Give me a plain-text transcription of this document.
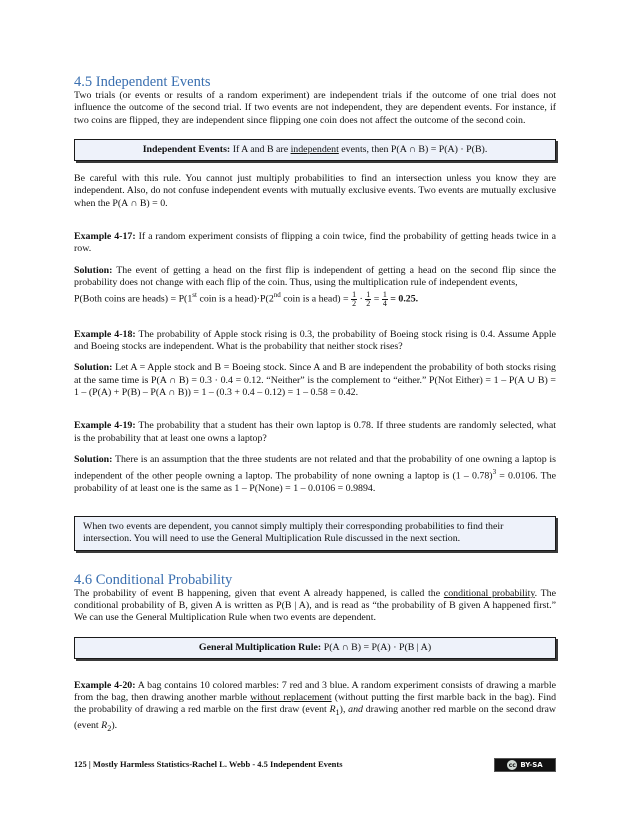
4.5 Independent Events

Two trials (or events or results of a random experiment) are independent trials if the outcome of one trial does not influence the outcome of the second trial. If two events are not independent, they are dependent events. For instance, if two coins are flipped, they are independent since flipping one coin does not affect the outcome of the second coin.

Independent Events: If A and B are independent events, then P(A ∩ B) = P(A) · P(B).

Be careful with this rule. You cannot just multiply probabilities to find an intersection unless you know they are independent. Also, do not confuse independent events with mutually exclusive events. Two events are mutually exclusive when the P(A ∩ B) = 0.

Example 4-17: If a random experiment consists of flipping a coin twice, find the probability of getting heads twice in a row.

Solution: The event of getting a head on the first flip is independent of getting a head on the second flip since the probability does not change with each flip of the coin. Thus, using the multiplication rule of independent events,

P(Both coins are heads) = P(1st coin is a head)·P(2nd coin is a head) = $\frac{1}{2} \cdot \frac{1}{2} = \frac{1}{4} = 0.25$.

Example 4-18: The probability of Apple stock rising is 0.3, the probability of Boeing stock rising is 0.4. Assume Apple and Boeing stocks are independent. What is the probability that neither stock rises?

Solution: Let A = Apple stock and B = Boeing stock. Since A and B are independent the probability of both stocks rising at the same time is P(A ∩ B) = 0.3 · 0.4 = 0.12. “Neither” is the complement to “either.” P(Not Either) = 1 – P(A ∪ B) = 1 – (P(A) + P(B) – P(A ∩ B)) = 1 – (0.3 + 0.4 – 0.12) = 1 – 0.58 = 0.42.

Example 4-19: The probability that a student has their own laptop is 0.78. If three students are randomly selected, what is the probability that at least one owns a laptop?

Solution: There is an assumption that the three students are not related and that the probability of one owning a laptop is independent of the other people owning a laptop. The probability of none owning a laptop is (1 – 0.78)$^3$ = 0.0106. The probability of at least one is the same as 1 – P(None) = 1 – 0.0106 = 0.9894.

When two events are dependent, you cannot simply multiply their corresponding probabilities to find their intersection. You will need to use the General Multiplication Rule discussed in the next section.
4.6 Conditional Probability

The probability of event B happening, given that event A already happened, is called the conditional probability. The conditional probability of B, given A is written as P(B | A), and is read as “the probability of B given A happened first.” We can use the General Multiplication Rule when two events are dependent.

General Multiplication Rule: P(A ∩ B) = P(A) · P(B | A)

Example 4-20: A bag contains 10 colored marbles: 7 red and 3 blue. A random experiment consists of drawing a marble from the bag, then drawing another marble without replacement (without putting the first marble back in the bag). Find the probability of drawing a red marble on the first draw (event $R_1$), and drawing another red marble on the second draw (event $R_2$).

125 | Mostly Harmless Statistics-Rachel L. Webb - 4.5 Independent Events	cc BY-SA
